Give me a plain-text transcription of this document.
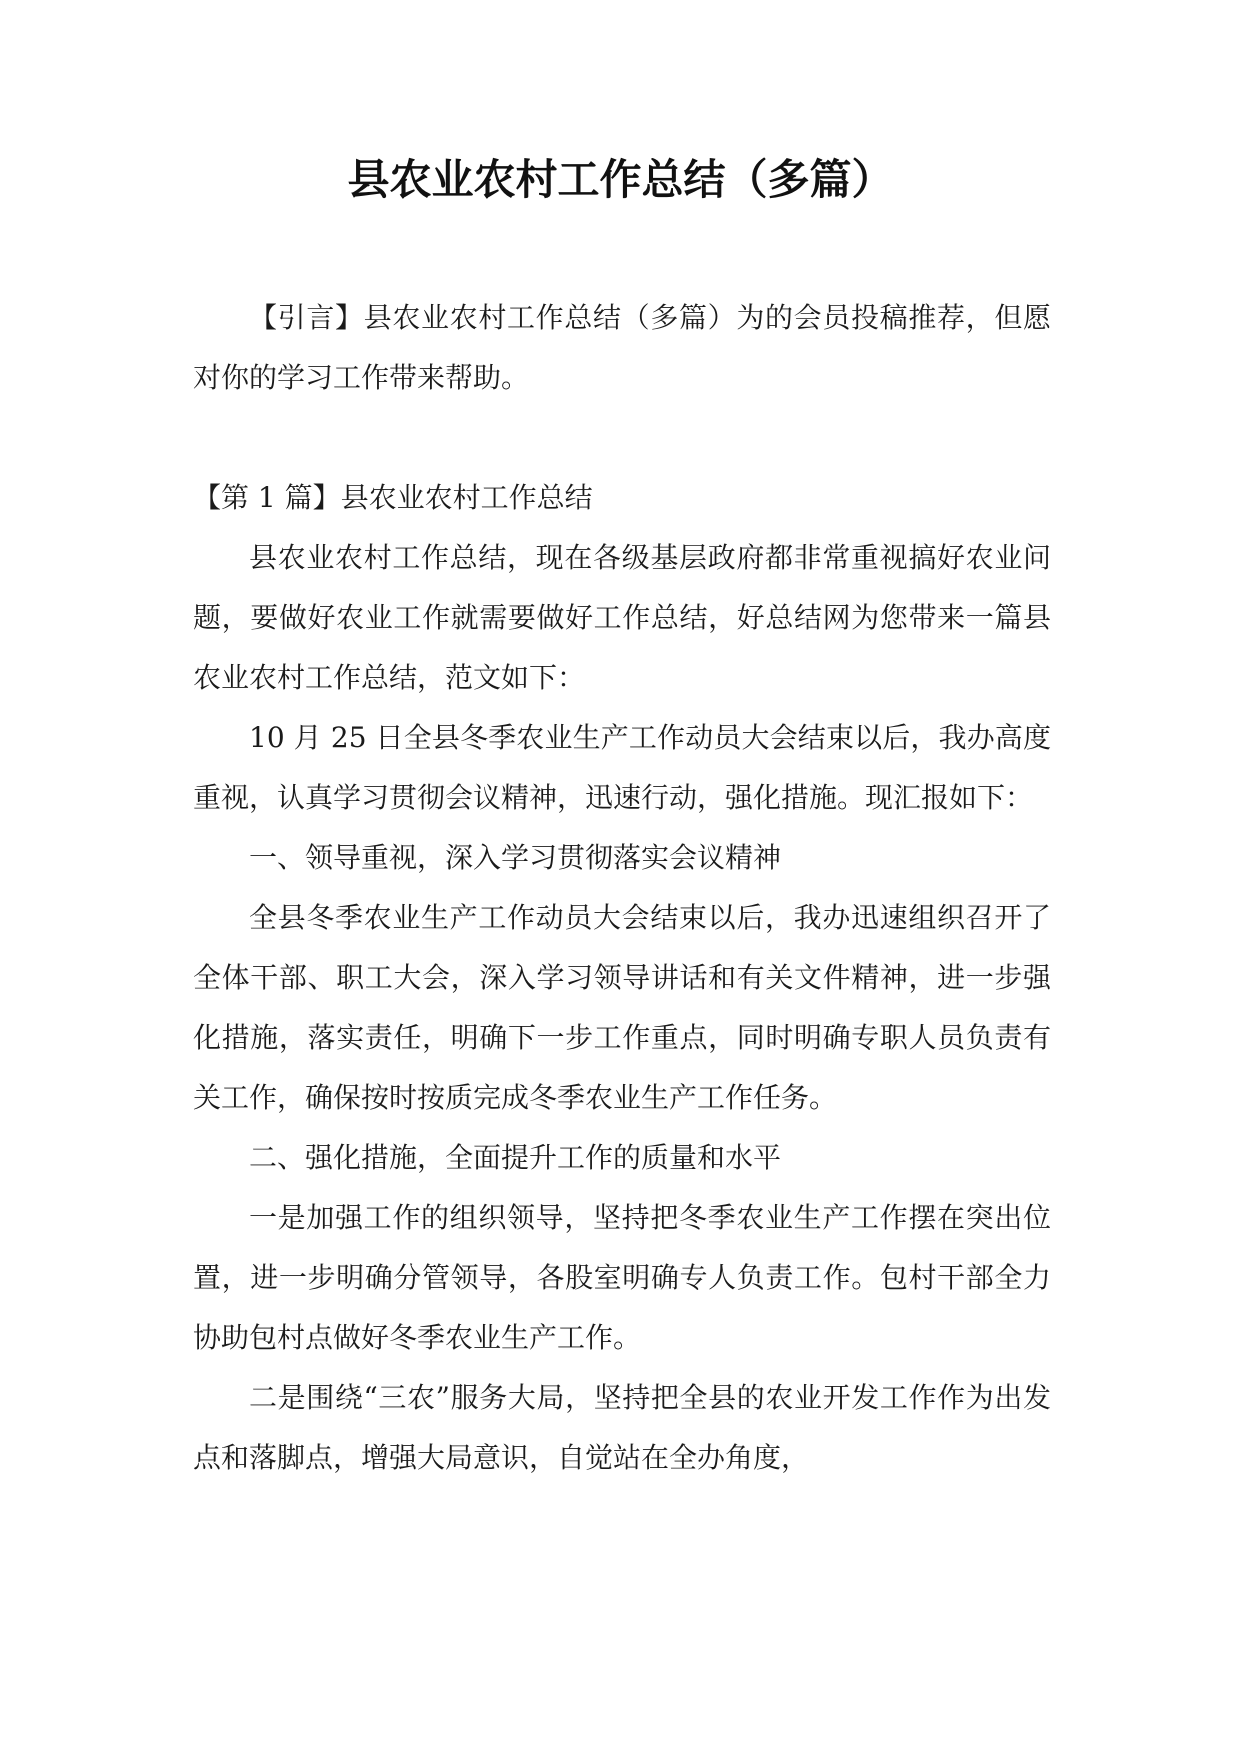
县农业农村工作总结（多篇）

【引言】县农业农村工作总结（多篇）为的会员投稿推荐，但愿对你的学习工作带来帮助。

【第 1 篇】县农业农村工作总结

县农业农村工作总结，现在各级基层政府都非常重视搞好农业问题，要做好农业工作就需要做好工作总结，好总结网为您带来一篇县农业农村工作总结，范文如下：

10 月 25 日全县冬季农业生产工作动员大会结束以后，我办高度重视，认真学习贯彻会议精神，迅速行动，强化措施。现汇报如下：

一、领导重视，深入学习贯彻落实会议精神

全县冬季农业生产工作动员大会结束以后，我办迅速组织召开了全体干部、职工大会，深入学习领导讲话和有关文件精神，进一步强化措施，落实责任，明确下一步工作重点，同时明确专职人员负责有关工作，确保按时按质完成冬季农业生产工作任务。

二、强化措施，全面提升工作的质量和水平

一是加强工作的组织领导，坚持把冬季农业生产工作摆在突出位置，进一步明确分管领导，各股室明确专人负责工作。包村干部全力协助包村点做好冬季农业生产工作。

二是围绕“三农”服务大局，坚持把全县的农业开发工作作为出发点和落脚点，增强大局意识，自觉站在全办角度，
